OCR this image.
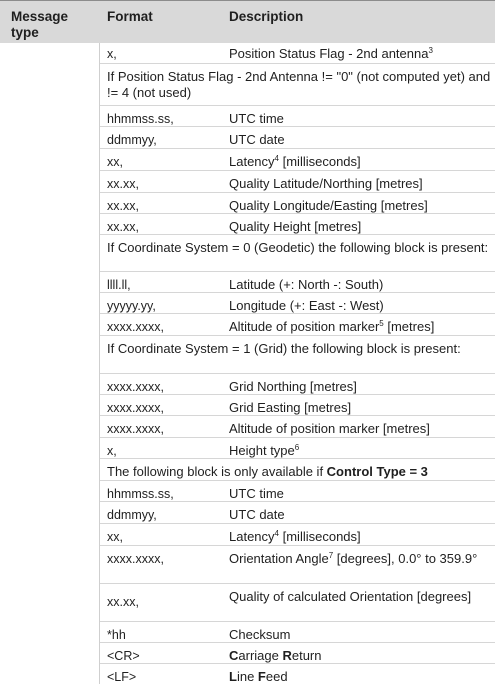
Message type
Format	Description
x,	Position Status Flag - 2nd antenna$^3$
If Position Status Flag - 2nd Antenna != "0" (not computed yet) and != 4 (not used)
hhmmss.ss,	UTC time
ddmmyy,	UTC date
xx,	Latency$^4$ [milliseconds]
xx.xx,	Quality Latitude/Northing [metres]
xx.xx,	Quality Longitude/Easting [metres]
xx.xx,	Quality Height [metres]
If Coordinate System = 0 (Geodetic) the following block is present:
llll.ll,	Latitude (+: North -: South)
yyyyy.yy,	Longitude (+: East -: West)
xxxx.xxxx,	Altitude of position marker$^5$ [metres]
If Coordinate System = 1 (Grid) the following block is present:
xxxx.xxxx,	Grid Northing [metres]
xxxx.xxxx,	Grid Easting [metres]
xxxx.xxxx,	Altitude of position marker [metres]
x,	Height type$^6$
The following block is only available if Control Type = 3
hhmmss.ss,	UTC time
ddmmyy,	UTC date
xx,	Latency$^4$ [milliseconds]
xxxx.xxxx,	Orientation Angle$^7$ [degrees], 0.0° to 359.9°
xx.xx,	Quality of calculated Orientation [degrees]
*hh	Checksum
<CR>	Carriage Return
<LF>	Line Feed
